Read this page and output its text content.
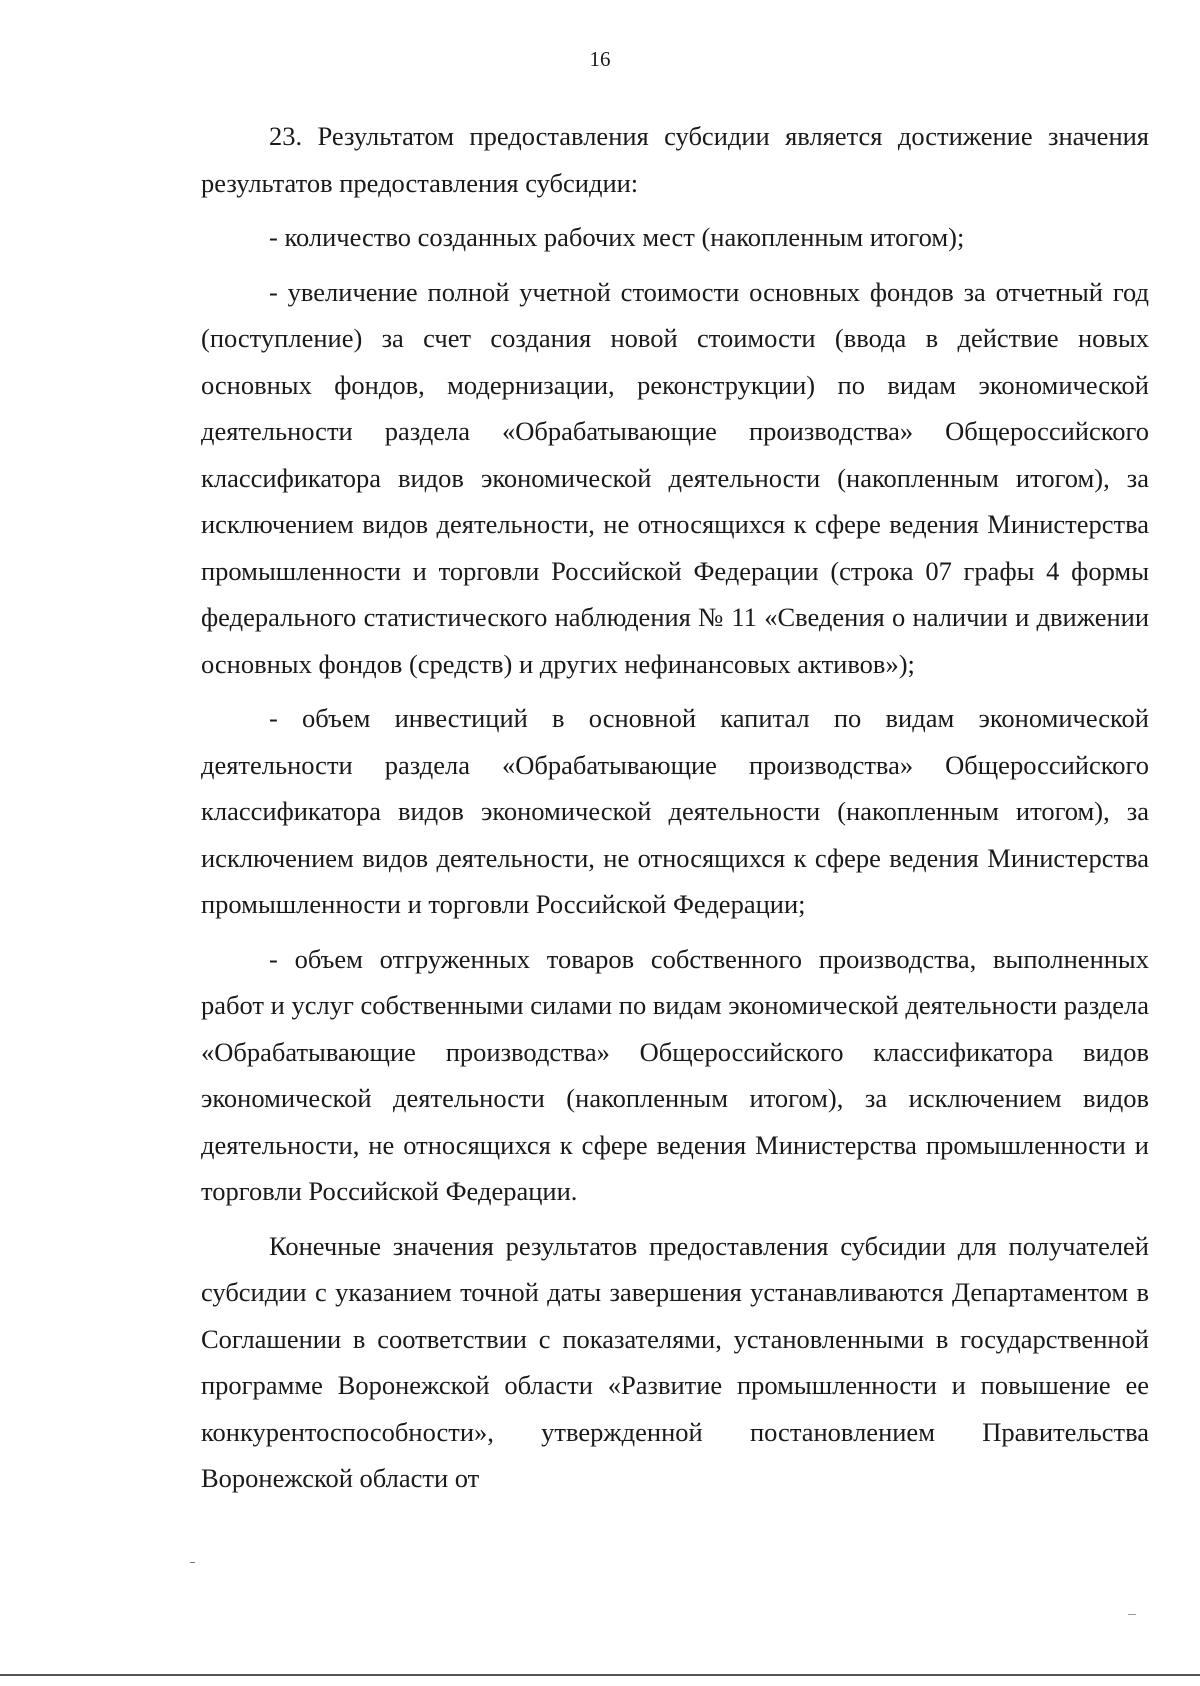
16

23. Результатом предоставления субсидии является достижение значения результатов предоставления субсидии:

- количество созданных рабочих мест (накопленным итогом);

- увеличение полной учетной стоимости основных фондов за отчетный год (поступление) за счет создания новой стоимости (ввода в действие новых основных фондов, модернизации, реконструкции) по видам экономической деятельности раздела «Обрабатывающие производства» Общероссийского классификатора видов экономической деятельности (накопленным итогом), за исключением видов деятельности, не относящихся к сфере ведения Министерства промышленности и торговли Российской Федерации (строка 07 графы 4 формы федерального статистического наблюдения № 11 «Сведения о наличии и движении основных фондов (средств) и других нефинансовых активов»);

- объем инвестиций в основной капитал по видам экономической деятельности раздела «Обрабатывающие производства» Общероссийского классификатора видов экономической деятельности (накопленным итогом), за исключением видов деятельности, не относящихся к сфере ведения Министерства промышленности и торговли Российской Федерации;

- объем отгруженных товаров собственного производства, выполненных работ и услуг собственными силами по видам экономической деятельности раздела «Обрабатывающие производства» Общероссийского классификатора видов экономической деятельности (накопленным итогом), за исключением видов деятельности, не относящихся к сфере ведения Министерства промышленности и торговли Российской Федерации.

Конечные значения результатов предоставления субсидии для получателей субсидии с указанием точной даты завершения устанавливаются Департаментом в Соглашении в соответствии с показателями, установленными в государственной программе Воронежской области «Развитие промышленности и повышение ее конкурентоспособности», утвержденной постановлением Правительства Воронежской области от
